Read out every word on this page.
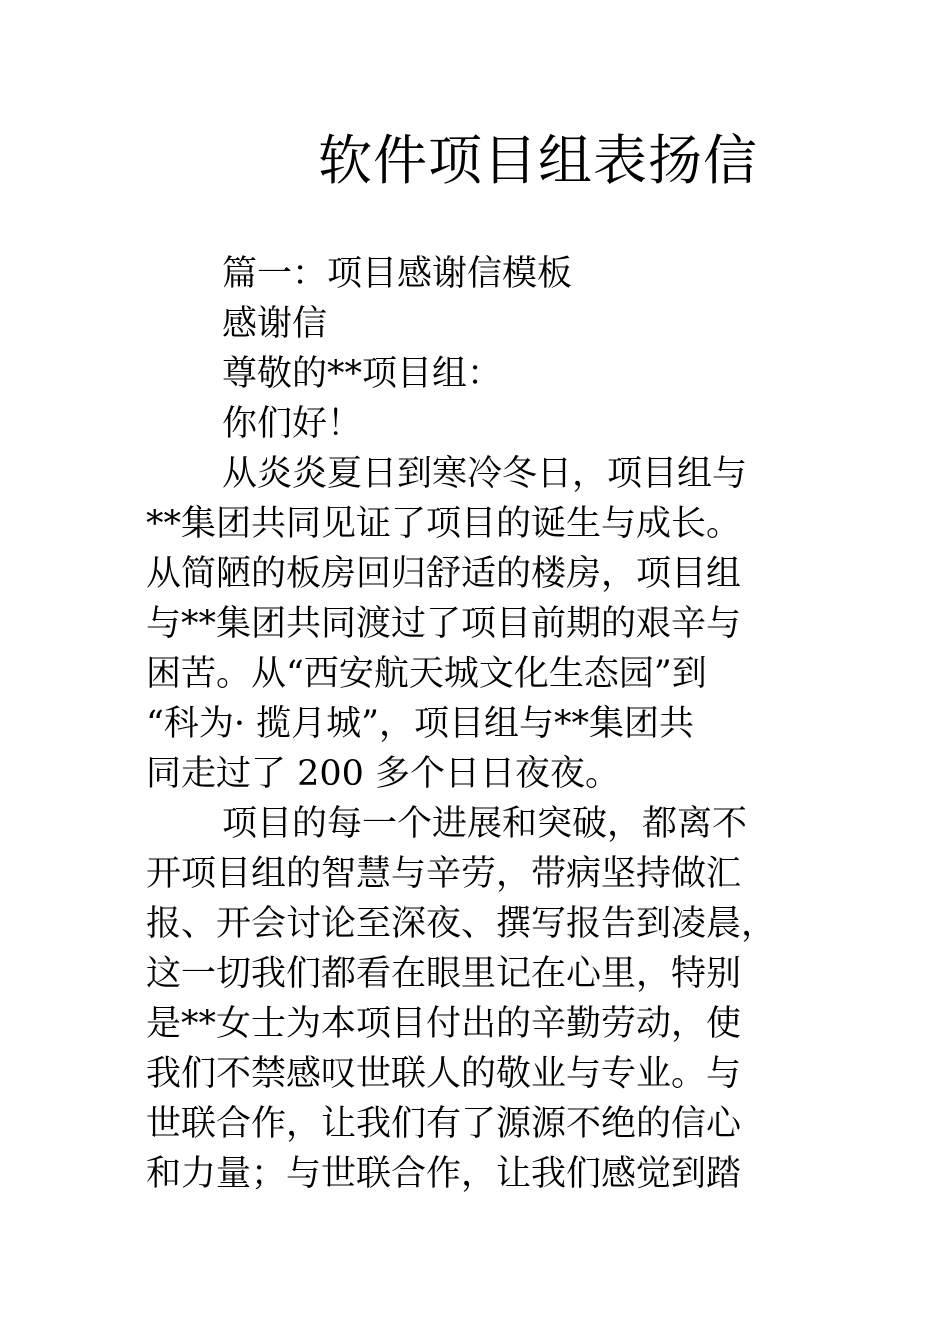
软件项目组表扬信
篇一：项目感谢信模板
感谢信
尊敬的**项目组：
你们好！
从炎炎夏日到寒冷冬日，项目组与
**集团共同见证了项目的诞生与成长。
从简陋的板房回归舒适的楼房，项目组
与**集团共同渡过了项目前期的艰辛与
困苦。从“西安航天城文化生态园”到
“科为· 揽月城”，项目组与**集团共
同走过了 200 多个日日夜夜。
项目的每一个进展和突破，都离不
开项目组的智慧与辛劳，带病坚持做汇
报、开会讨论至深夜、撰写报告到凌晨，
这一切我们都看在眼里记在心里，特别
是**女士为本项目付出的辛勤劳动，使
我们不禁感叹世联人的敬业与专业。与
世联合作，让我们有了源源不绝的信心
和力量；与世联合作，让我们感觉到踏
